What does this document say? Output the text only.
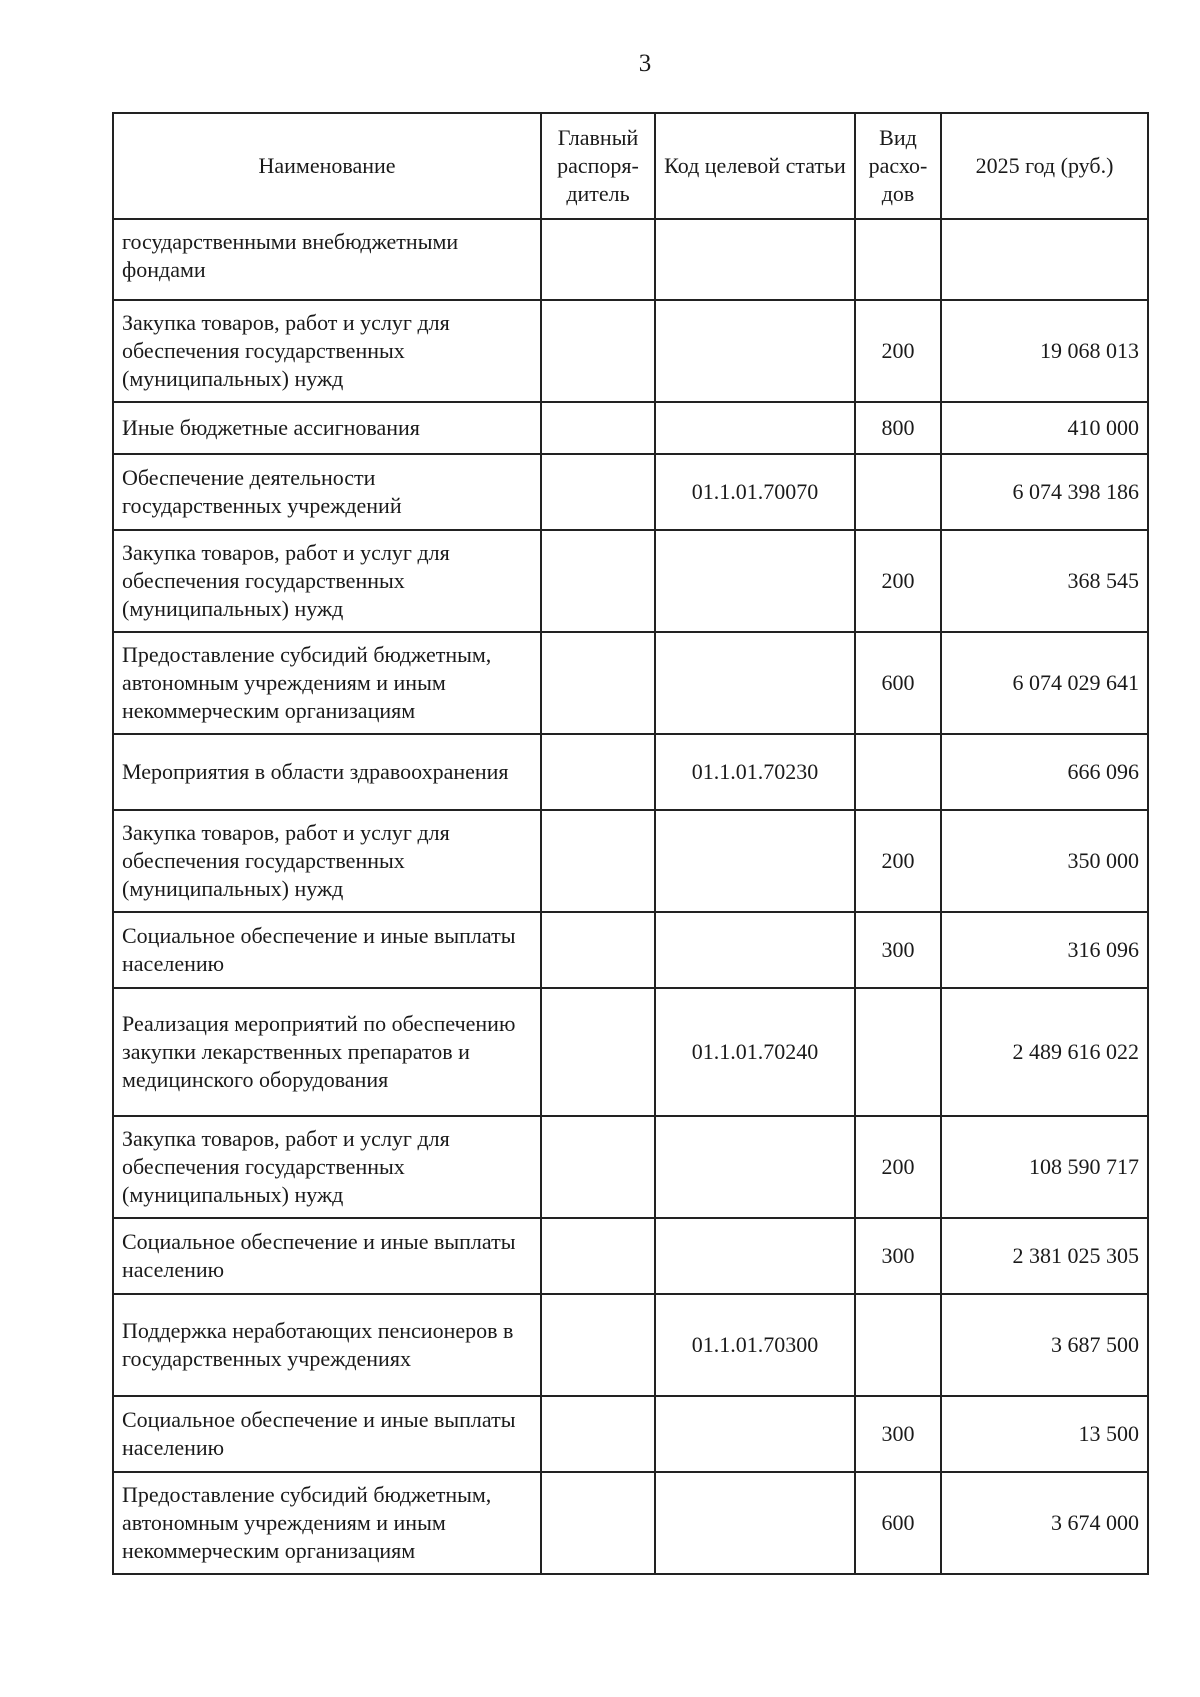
3
Наименование	Главный распоря-дитель	Код целевой статьи	Вид расхо-дов	2025 год (руб.)
государственными внебюджетными фондами				
Закупка товаров, работ и услуг для обеспечения государственных (муниципальных) нужд			200	19 068 013
Иные бюджетные ассигнования			800	410 000
Обеспечение деятельности государственных учреждений		01.1.01.70070		6 074 398 186
Закупка товаров, работ и услуг для обеспечения государственных (муниципальных) нужд			200	368 545
Предоставление субсидий бюджетным, автономным учреждениям и иным некоммерческим организациям			600	6 074 029 641
Мероприятия в области здравоохранения		01.1.01.70230		666 096
Закупка товаров, работ и услуг для обеспечения государственных (муниципальных) нужд			200	350 000
Социальное обеспечение и иные выплаты населению			300	316 096
Реализация мероприятий по обеспечению закупки лекарственных препаратов и медицинского оборудования		01.1.01.70240		2 489 616 022
Закупка товаров, работ и услуг для обеспечения государственных (муниципальных) нужд			200	108 590 717
Социальное обеспечение и иные выплаты населению			300	2 381 025 305
Поддержка неработающих пенсионеров в государственных учреждениях		01.1.01.70300		3 687 500
Социальное обеспечение и иные выплаты населению			300	13 500
Предоставление субсидий бюджетным, автономным учреждениям и иным некоммерческим организациям			600	3 674 000
